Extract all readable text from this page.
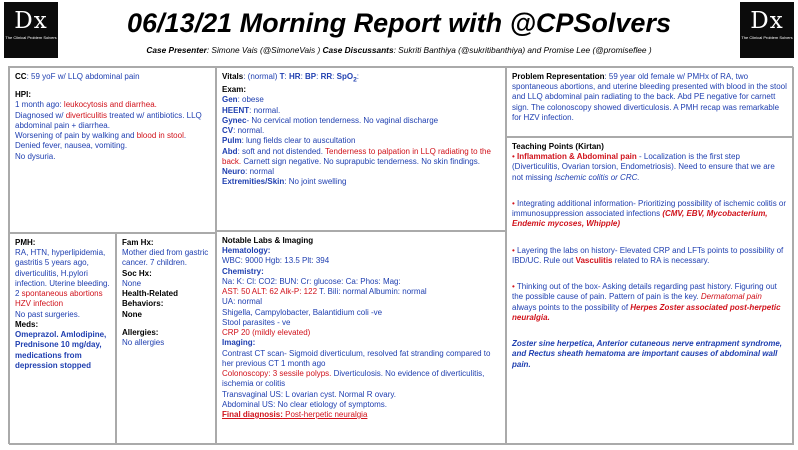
Dx
The Clinical Problem Solvers
Dx
The Clinical Problem Solvers
06/13/21 Morning Report with @CPSolvers
Case Presenter: Simone Vais (@SimoneVais ) Case Discussants: Sukriti Banthiya (@sukritibanthiya) and Promise Lee (@promiseflee )

CC: 59 yoF w/ LLQ abdominal pain

HPI:

1 month ago: leukocytosis and diarrhea.

Diagnosed w/ diverticulitis treated w/ antibiotics. LLQ abdominal pain + diarrhea.

Worsening of pain by walking and blood in stool.

Denied fever, nausea, vomiting.

No dysuria.

PMH:

RA, HTN, hyperlipidemia, gastritis 5 years ago, diverticulitis, H.pylori infection. Uterine bleeding. 2 spontaneous abortions

HZV infection

No past surgeries.

Meds:

Omeprazol. Amlodipine, Prednisone 10 mg/day, medications from depression stopped

Fam Hx:

Mother died from gastric cancer. 7 children.

Soc Hx:

None

Health-Related Behaviors:

None

Allergies:

No allergies

Vitals: (normal) T: HR: BP: RR: SpO$_2$:

Exam:

Gen: obese

HEENT: normal.

Gynec- No cervical motion tenderness. No vaginal discharge

CV: normal.

Pulm: lung fields clear to auscultation

Abd: soft and not distended. Tenderness to palpation in LLQ radiating to the back. Carnett sign negative. No suprapubic tenderness. No skin findings.

Neuro: normal

Extremities/Skin: No joint swelling

Notable Labs & Imaging

Hematology:

WBC: 9000 Hgb: 13.5 Plt: 394

Chemistry:

Na: K: Cl: CO2: BUN: Cr: glucose: Ca: Phos: Mag:

AST: 50 ALT: 62 Alk-P: 122 T. Bili: normal Albumin: normal

UA: normal

Shigella, Campylobacter, Balantidium coli -ve

Stool parasites - ve

CRP 20 (mildly elevated)

Imaging:

Contrast CT scan- Sigmoid diverticulum, resolved fat stranding compared to her previous CT 1 month ago

Colonoscopy: 3 sessile polyps. Diverticulosis. No evidence of diverticulitis, ischemia or colitis

Transvaginal US: L ovarian cyst. Normal R ovary.

Abdominal US: No clear etiology of symptoms.

Final diagnosis: Post-herpetic neuralgia

Problem Representation: 59 year old female w/ PMHx of RA, two spontaneous abortions, and uterine bleeding presented with blood in the stool and LLQ abdominal pain radiating to the back. Abd PE negative for carnett sign. The colonoscopy showed diverticulosis. A PMH recap was remarkable for HZV infection.

Teaching Points (Kirtan)

• Inflammation & Abdominal pain - Localization is the first step (Diverticulitis, Ovarian torsion, Endometriosis). Need to ensure that we are not missing Ischemic colitis or CRC.

• Integrating additional information- Prioritizing possibility of ischemic colitis or immunosuppression associated infections (CMV, EBV, Mycobacterium, Endemic mycoses, Whipple)

• Layering the labs on history- Elevated CRP and LFTs points to possibility of IBD/UC. Rule out Vasculitis related to RA is necessary.

• Thinking out of the box- Asking details regarding past history. Figuring out the possible cause of pain. Pattern of pain is the key. Dermatomal pain always points to the possibility of Herpes Zoster associated post-herpetic neuralgia.

Zoster sine herpetica, Anterior cutaneous nerve entrapment syndrome, and Rectus sheath hematoma are important causes of abdominal wall pain.
